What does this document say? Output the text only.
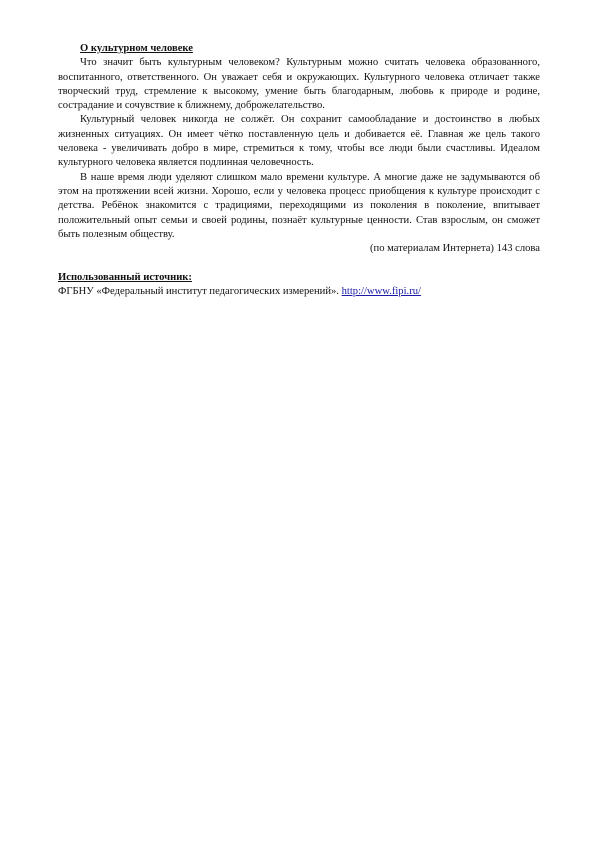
О культурном человеке

Что значит быть культурным человеком? Культурным можно считать человека образованного, воспитанного, ответственного. Он уважает себя и окружающих. Культурного человека отличает также творческий труд, стремление к высокому, умение быть благодарным, любовь к природе и родине, сострадание и сочувствие к ближнему, доброжелательство.

Культурный человек никогда не солжёт. Он сохранит самообладание и достоинство в любых жизненных ситуациях. Он имеет чётко поставленную цель и добивается её. Главная же цель такого человека - увеличивать добро в мире, стремиться к тому, чтобы все люди были счастливы. Идеалом культурного человека является подлинная человечность.

В наше время люди уделяют слишком мало времени культуре. А многие даже не задумываются об этом на протяжении всей жизни. Хорошо, если у человека процесс приобщения к культуре происходит с детства. Ребёнок знакомится с традициями, переходящими из поколения в поколение, впитывает положительный опыт семьи и своей родины, познаёт культурные ценности. Став взрослым, он сможет быть полезным обществу.

(по материалам Интернета) 143 слова

Использованный источник:

ФГБНУ «Федеральный институт педагогических измерений». http://www.fipi.ru/
